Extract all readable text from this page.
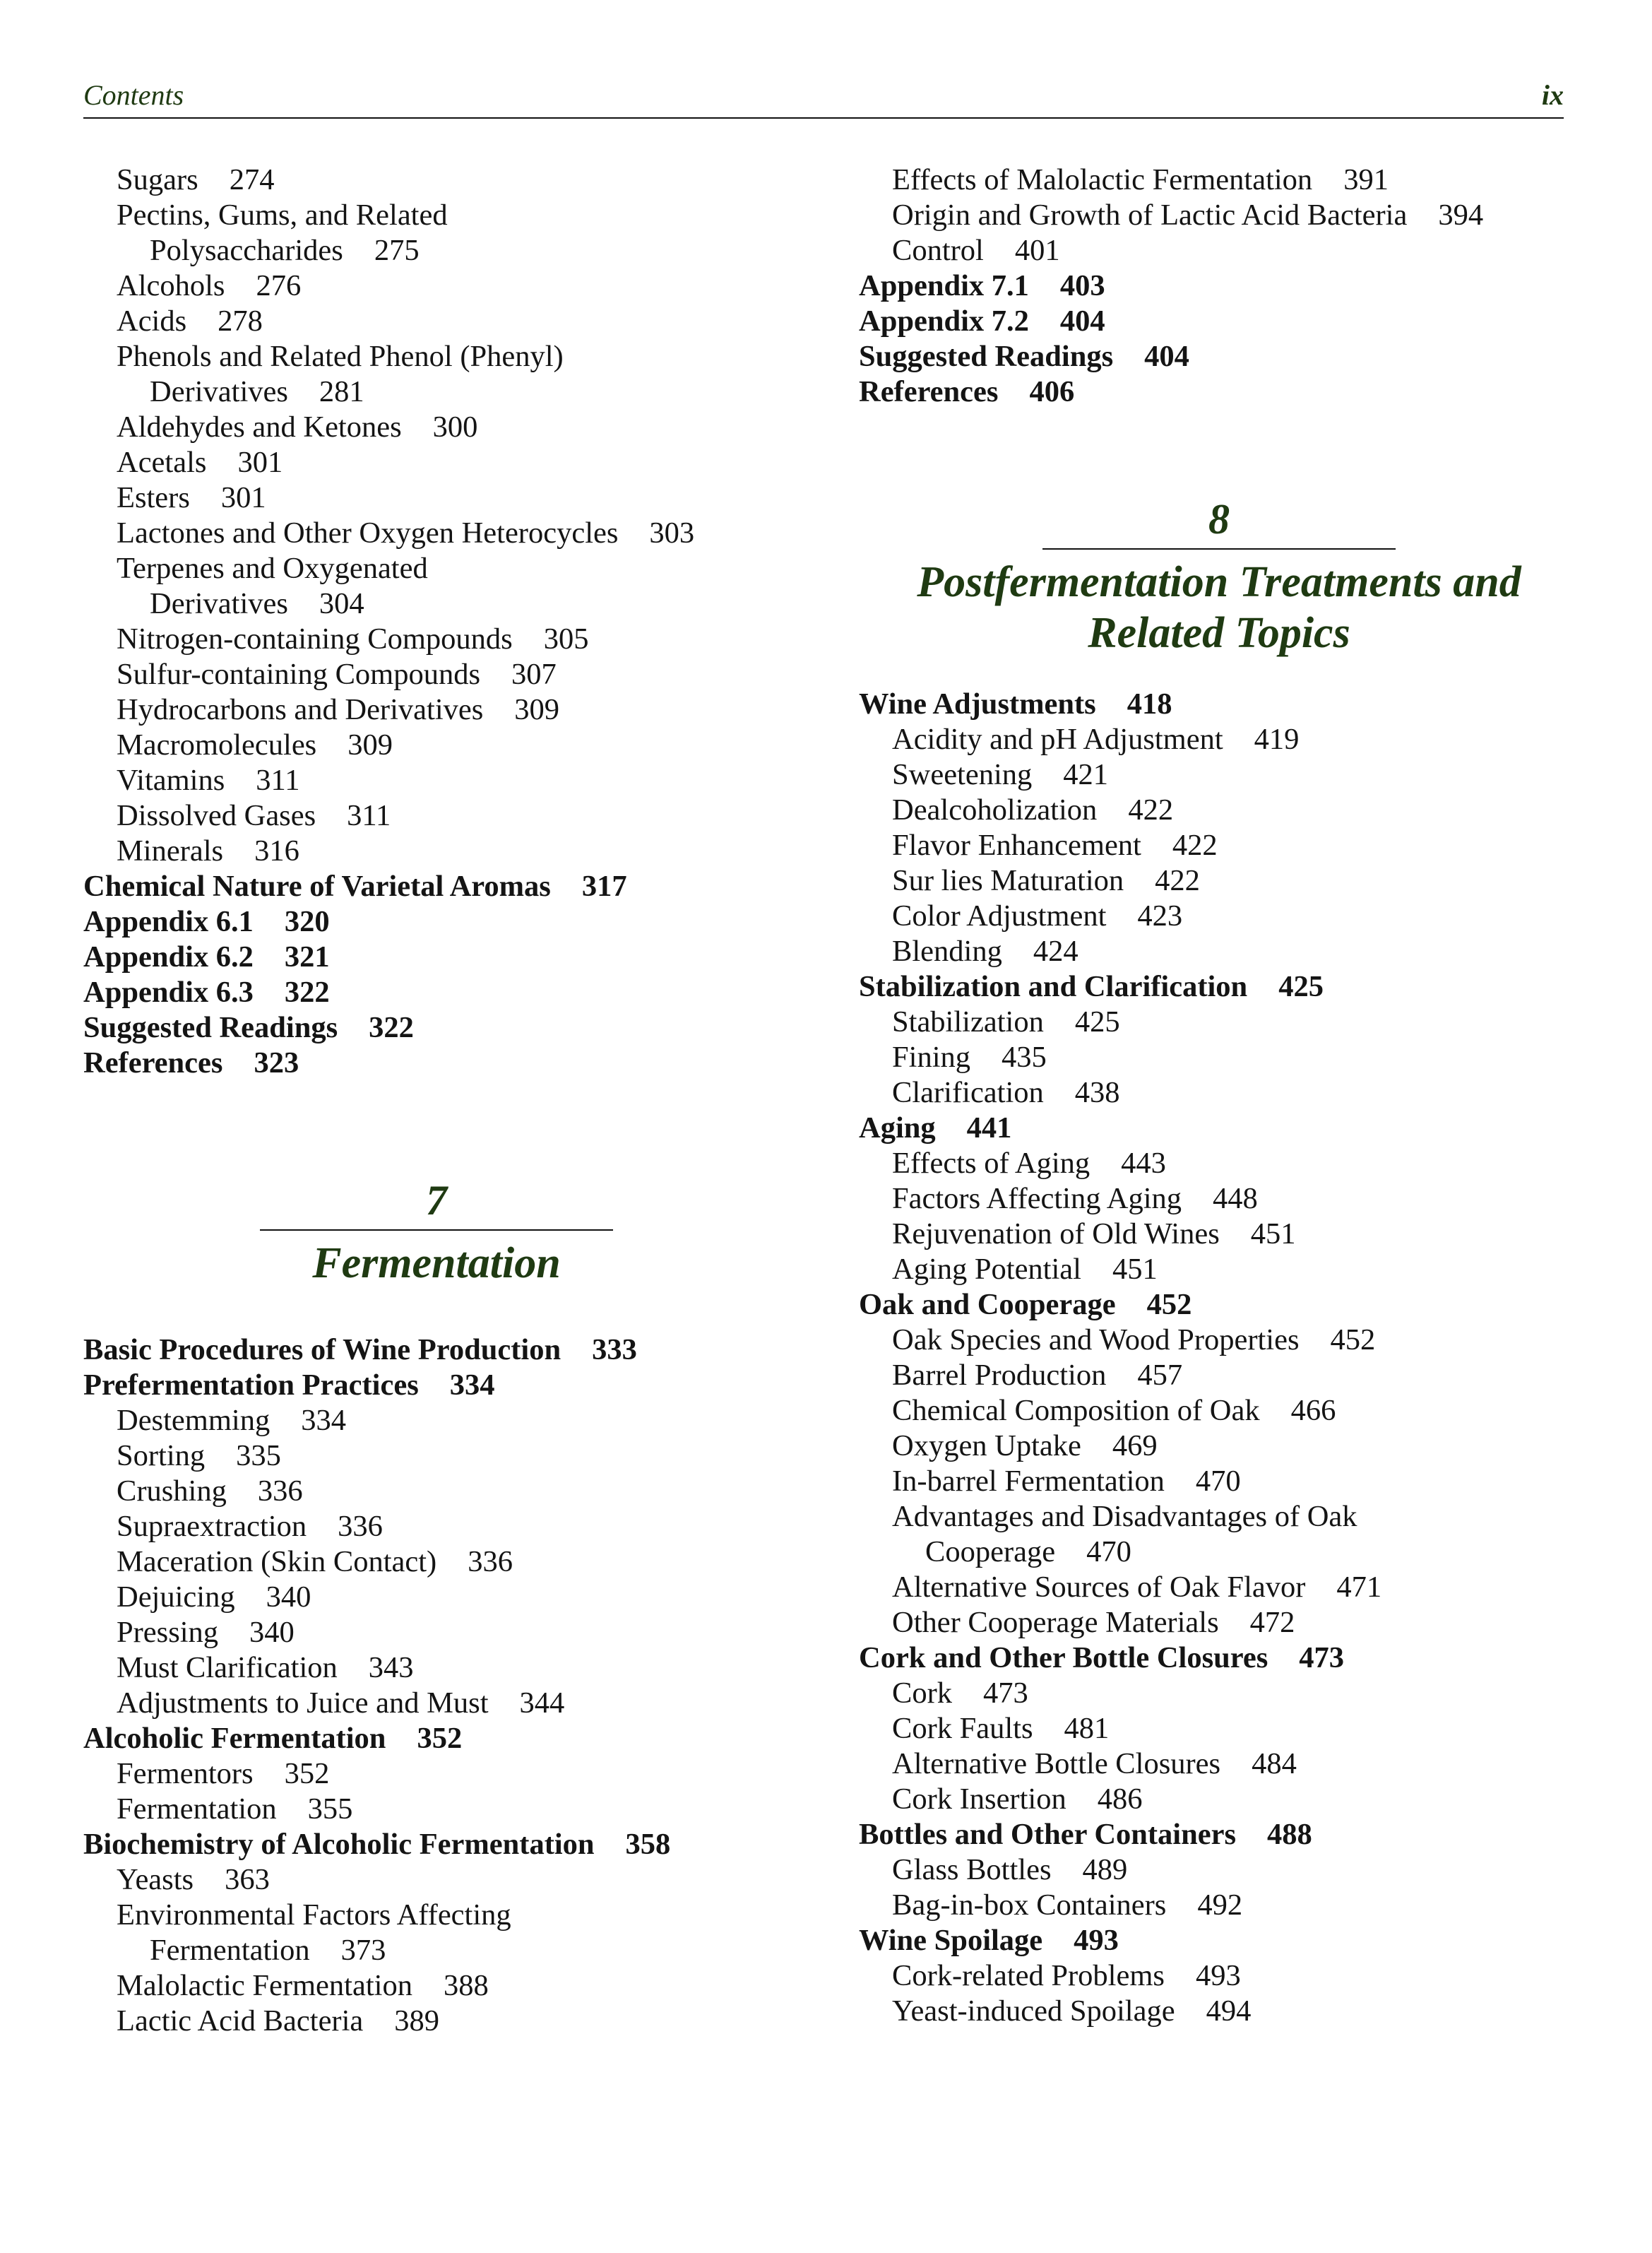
Contents	ix
Sugars 274
Pectins, Gums, and Related
Polysaccharides 275
Alcohols 276
Acids 278
Phenols and Related Phenol (Phenyl)
Derivatives 281
Aldehydes and Ketones 300
Acetals 301
Esters 301
Lactones and Other Oxygen Heterocycles 303
Terpenes and Oxygenated
Derivatives 304
Nitrogen-containing Compounds 305
Sulfur-containing Compounds 307
Hydrocarbons and Derivatives 309
Macromolecules 309
Vitamins 311
Dissolved Gases 311
Minerals 316
Chemical Nature of Varietal Aromas 317
Appendix 6.1 320
Appendix 6.2 321
Appendix 6.3 322
Suggested Readings 322
References 323
7
Fermentation
Basic Procedures of Wine Production 333
Prefermentation Practices 334
Destemming 334
Sorting 335
Crushing 336
Supraextraction 336
Maceration (Skin Contact) 336
Dejuicing 340
Pressing 340
Must Clarification 343
Adjustments to Juice and Must 344
Alcoholic Fermentation 352
Fermentors 352
Fermentation 355
Biochemistry of Alcoholic Fermentation 358
Yeasts 363
Environmental Factors Affecting
Fermentation 373
Malolactic Fermentation 388
Lactic Acid Bacteria 389
Effects of Malolactic Fermentation 391
Origin and Growth of Lactic Acid Bacteria 394
Control 401
Appendix 7.1 403
Appendix 7.2 404
Suggested Readings 404
References 406
8
Postfermentation Treatments and
Related Topics
Wine Adjustments 418
Acidity and pH Adjustment 419
Sweetening 421
Dealcoholization 422
Flavor Enhancement 422
Sur lies Maturation 422
Color Adjustment 423
Blending 424
Stabilization and Clarification 425
Stabilization 425
Fining 435
Clarification 438
Aging 441
Effects of Aging 443
Factors Affecting Aging 448
Rejuvenation of Old Wines 451
Aging Potential 451
Oak and Cooperage 452
Oak Species and Wood Properties 452
Barrel Production 457
Chemical Composition of Oak 466
Oxygen Uptake 469
In-barrel Fermentation 470
Advantages and Disadvantages of Oak
Cooperage 470
Alternative Sources of Oak Flavor 471
Other Cooperage Materials 472
Cork and Other Bottle Closures 473
Cork 473
Cork Faults 481
Alternative Bottle Closures 484
Cork Insertion 486
Bottles and Other Containers 488
Glass Bottles 489
Bag-in-box Containers 492
Wine Spoilage 493
Cork-related Problems 493
Yeast-induced Spoilage 494
